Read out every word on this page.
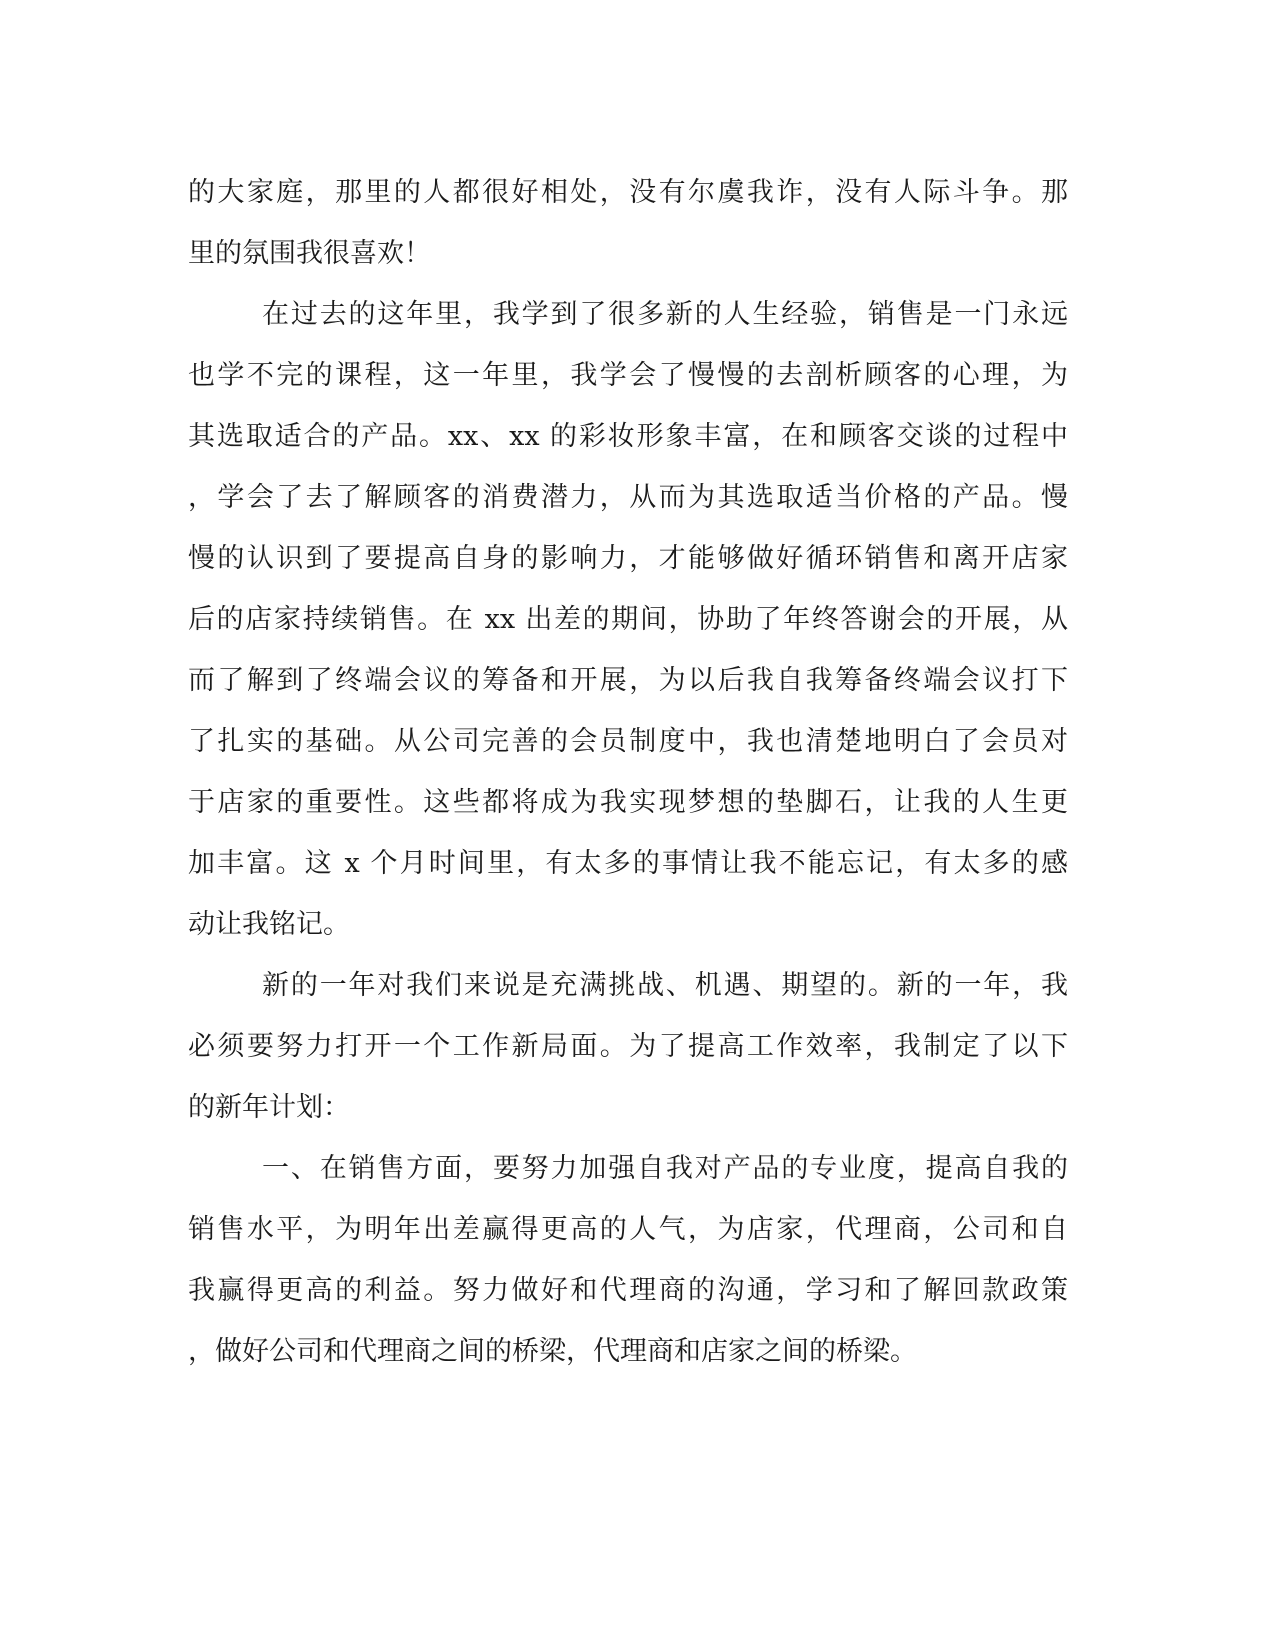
的大家庭，那里的人都很好相处，没有尔虞我诈，没有人际斗争。那
里的氛围我很喜欢！
在过去的这年里，我学到了很多新的人生经验，销售是一门永远
也学不完的课程，这一年里，我学会了慢慢的去剖析顾客的心理，为
其选取适合的产品。xx、xx 的彩妆形象丰富，在和顾客交谈的过程中
，学会了去了解顾客的消费潜力，从而为其选取适当价格的产品。慢
慢的认识到了要提高自身的影响力，才能够做好循环销售和离开店家
后的店家持续销售。在 xx 出差的期间，协助了年终答谢会的开展，从
而了解到了终端会议的筹备和开展，为以后我自我筹备终端会议打下
了扎实的基础。从公司完善的会员制度中，我也清楚地明白了会员对
于店家的重要性。这些都将成为我实现梦想的垫脚石，让我的人生更
加丰富。这 x 个月时间里，有太多的事情让我不能忘记，有太多的感
动让我铭记。
新的一年对我们来说是充满挑战、机遇、期望的。新的一年，我
必须要努力打开一个工作新局面。为了提高工作效率，我制定了以下
的新年计划：
一、在销售方面，要努力加强自我对产品的专业度，提高自我的
销售水平，为明年出差赢得更高的人气，为店家，代理商，公司和自
我赢得更高的利益。努力做好和代理商的沟通，学习和了解回款政策
，做好公司和代理商之间的桥梁，代理商和店家之间的桥梁。
